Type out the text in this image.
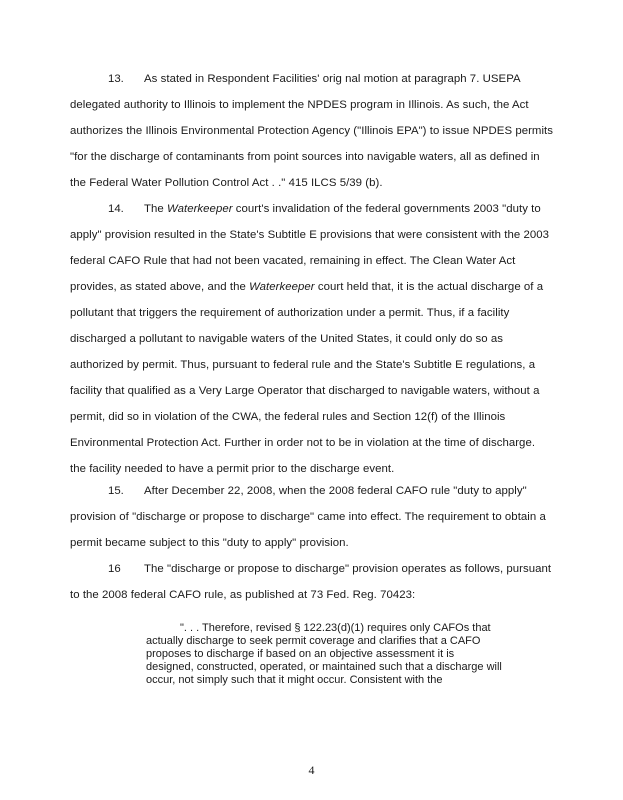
13. As stated in Respondent Facilities' orig nal motion at paragraph 7. USEPA
delegated authority to Illinois to implement the NPDES program in Illinois. As such, the Act
authorizes the Illinois Environmental Protection Agency ("Illinois EPA") to issue NPDES permits
"for the discharge of contaminants from point sources into navigable waters, all as defined in
the Federal Water Pollution Control Act . ." 415 ILCS 5/39 (b).
14. The Waterkeeper court's invalidation of the federal governments 2003 "duty to
apply" provision resulted in the State's Subtitle E provisions that were consistent with the 2003
federal CAFO Rule that had not been vacated, remaining in effect. The Clean Water Act
provides, as stated above, and the Waterkeeper court held that, it is the actual discharge of a
pollutant that triggers the requirement of authorization under a permit. Thus, if a facility
discharged a pollutant to navigable waters of the United States, it could only do so as
authorized by permit. Thus, pursuant to federal rule and the State's Subtitle E regulations, a
facility that qualified as a Very Large Operator that discharged to navigable waters, without a
permit, did so in violation of the CWA, the federal rules and Section 12(f) of the Illinois
Environmental Protection Act. Further in order not to be in violation at the time of discharge.
the facility needed to have a permit prior to the discharge event.
15. After December 22, 2008, when the 2008 federal CAFO rule "duty to apply"
provision of "discharge or propose to discharge" came into effect. The requirement to obtain a
permit became subject to this "duty to apply" provision.
16 The "discharge or propose to discharge" provision operates as follows, pursuant
to the 2008 federal CAFO rule, as published at 73 Fed. Reg. 70423:
". . . Therefore, revised § 122.23(d)(1) requires only CAFOs that
actually discharge to seek permit coverage and clarifies that a CAFO
proposes to discharge if based on an objective assessment it is
designed, constructed, operated, or maintained such that a discharge will
occur, not simply such that it might occur. Consistent with the
4
